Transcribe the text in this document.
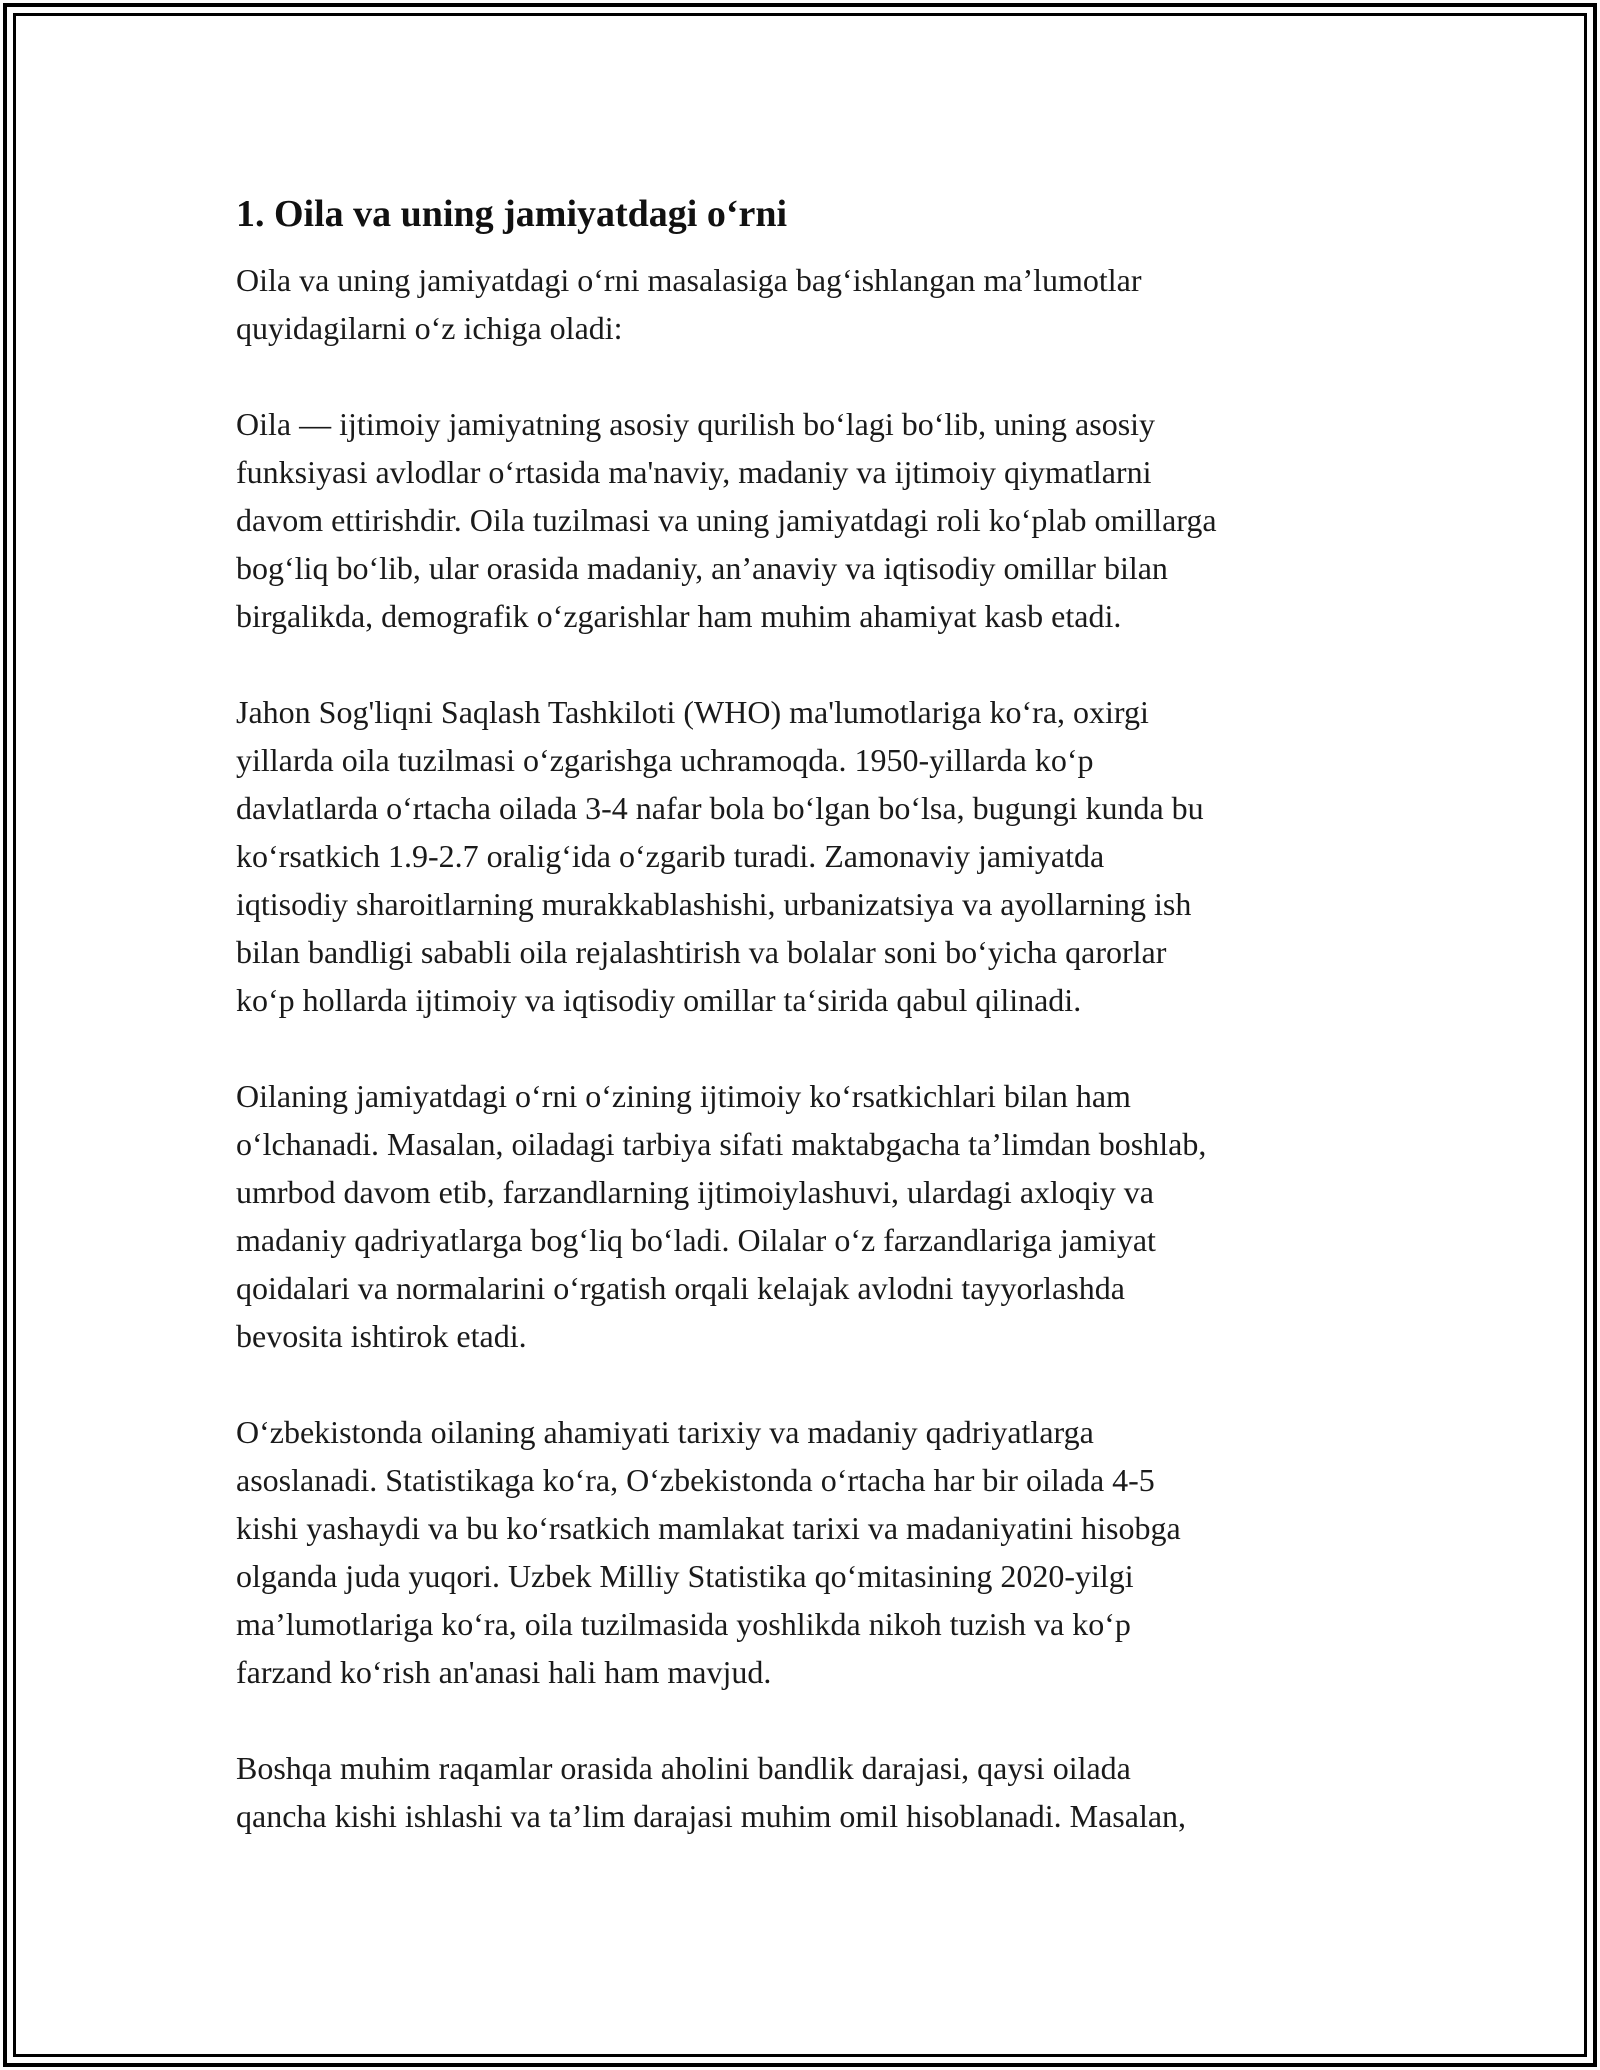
1. Oila va uning jamiyatdagi o‘rni

Oila va uning jamiyatdagi o‘rni masalasiga bag‘ishlangan ma’lumotlar
quyidagilarni o‘z ichiga oladi:

Oila — ijtimoiy jamiyatning asosiy qurilish bo‘lagi bo‘lib, uning asosiy
funksiyasi avlodlar o‘rtasida ma'naviy, madaniy va ijtimoiy qiymatlarni
davom ettirishdir. Oila tuzilmasi va uning jamiyatdagi roli ko‘plab omillarga
bog‘liq bo‘lib, ular orasida madaniy, an’anaviy va iqtisodiy omillar bilan
birgalikda, demografik o‘zgarishlar ham muhim ahamiyat kasb etadi.

Jahon Sog'liqni Saqlash Tashkiloti (WHO) ma'lumotlariga ko‘ra, oxirgi
yillarda oila tuzilmasi o‘zgarishga uchramoqda. 1950-yillarda ko‘p
davlatlarda o‘rtacha oilada 3-4 nafar bola bo‘lgan bo‘lsa, bugungi kunda bu
ko‘rsatkich 1.9-2.7 oralig‘ida o‘zgarib turadi. Zamonaviy jamiyatda
iqtisodiy sharoitlarning murakkablashishi, urbanizatsiya va ayollarning ish
bilan bandligi sababli oila rejalashtirish va bolalar soni bo‘yicha qarorlar
ko‘p hollarda ijtimoiy va iqtisodiy omillar ta‘sirida qabul qilinadi.

Oilaning jamiyatdagi o‘rni o‘zining ijtimoiy ko‘rsatkichlari bilan ham
o‘lchanadi. Masalan, oiladagi tarbiya sifati maktabgacha ta’limdan boshlab,
umrbod davom etib, farzandlarning ijtimoiylashuvi, ulardagi axloqiy va
madaniy qadriyatlarga bog‘liq bo‘ladi. Oilalar o‘z farzandlariga jamiyat
qoidalari va normalarini o‘rgatish orqali kelajak avlodni tayyorlashda
bevosita ishtirok etadi.

O‘zbekistonda oilaning ahamiyati tarixiy va madaniy qadriyatlarga
asoslanadi. Statistikaga ko‘ra, O‘zbekistonda o‘rtacha har bir oilada 4-5
kishi yashaydi va bu ko‘rsatkich mamlakat tarixi va madaniyatini hisobga
olganda juda yuqori. Uzbek Milliy Statistika qo‘mitasining 2020-yilgi
ma’lumotlariga ko‘ra, oila tuzilmasida yoshlikda nikoh tuzish va ko‘p
farzand ko‘rish an'anasi hali ham mavjud.

Boshqa muhim raqamlar orasida aholini bandlik darajasi, qaysi oilada
qancha kishi ishlashi va ta’lim darajasi muhim omil hisoblanadi. Masalan,
